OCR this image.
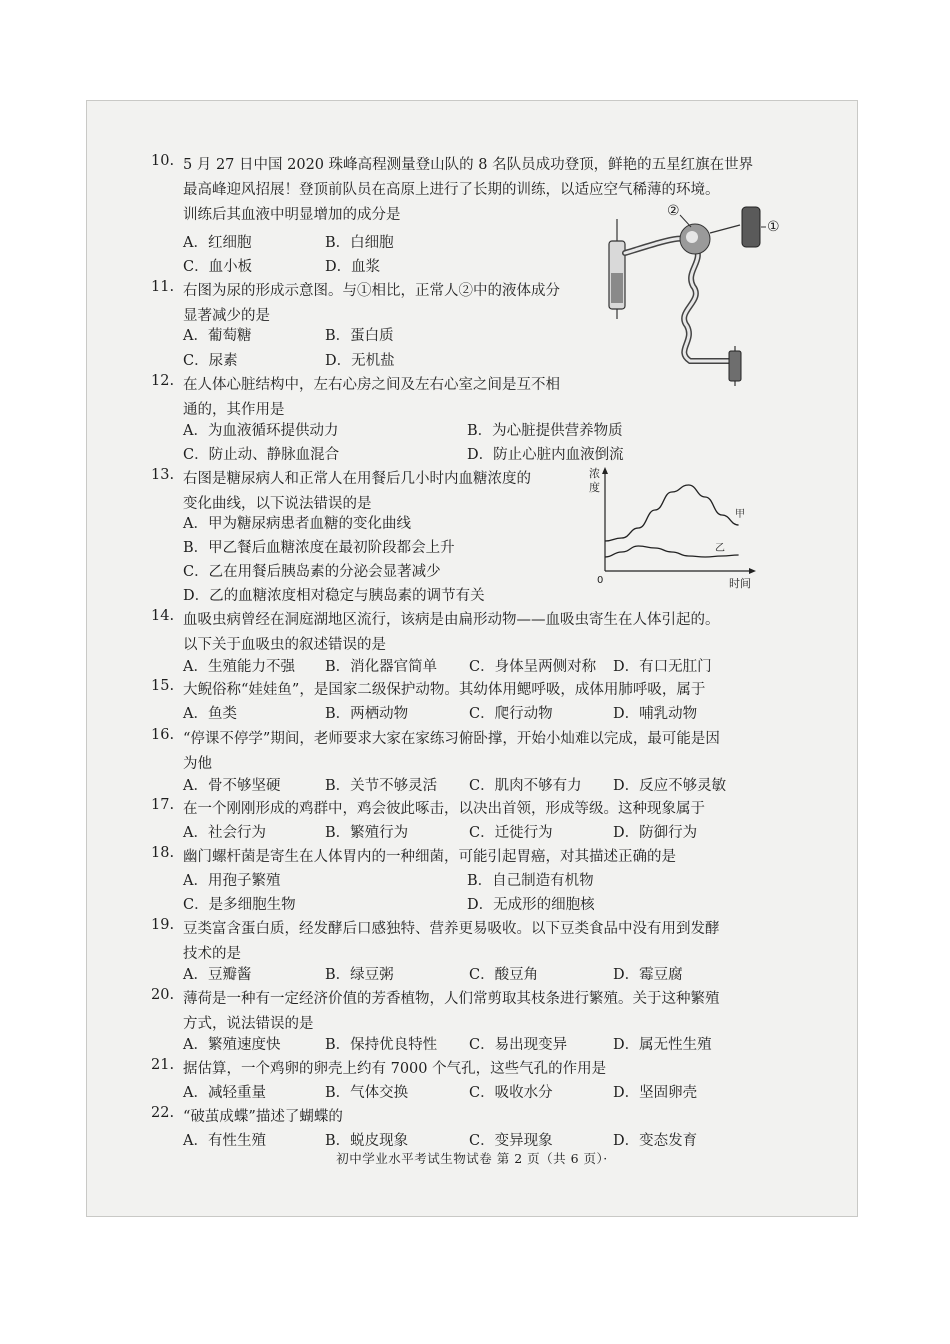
10. 5 月 27 日中国 2020 珠峰高程测量登山队的 8 名队员成功登顶，鲜艳的五星红旗在世界
最高峰迎风招展！登顶前队员在高原上进行了长期的训练，以适应空气稀薄的环境。
训练后其血液中明显增加的成分是
A．红细胞	B．白细胞
C．血小板	D．血浆
11. 右图为尿的形成示意图。与①相比，正常人②中的液体成分
显著减少的是
A．葡萄糖	B．蛋白质
C．尿素	D．无机盐
12. 在人体心脏结构中，左右心房之间及左右心室之间是互不相
通的，其作用是
A．为血液循环提供动力	B．为心脏提供营养物质
C．防止动、静脉血混合	D．防止心脏内血液倒流
13. 右图是糖尿病人和正常人在用餐后几小时内血糖浓度的
变化曲线，以下说法错误的是
A．甲为糖尿病患者血糖的变化曲线
B．甲乙餐后血糖浓度在最初阶段都会上升
C．乙在用餐后胰岛素的分泌会显著减少
D．乙的血糖浓度相对稳定与胰岛素的调节有关
14. 血吸虫病曾经在洞庭湖地区流行，该病是由扁形动物——血吸虫寄生在人体引起的。
以下关于血吸虫的叙述错误的是
A．生殖能力不强 B．消化器官简单 C．身体呈两侧对称 D．有口无肛门
15. 大鲵俗称“娃娃鱼”，是国家二级保护动物。其幼体用鳃呼吸，成体用肺呼吸，属于
A．鱼类	B．两栖动物	C．爬行动物	D．哺乳动物
16. “停课不停学”期间，老师要求大家在家练习俯卧撑，开始小灿难以完成，最可能是因
为他
A．骨不够坚硬	B．关节不够灵活 C．肌肉不够有力 D．反应不够灵敏
17. 在一个刚刚形成的鸡群中，鸡会彼此啄击，以决出首领，形成等级。这种现象属于
A．社会行为	B．繁殖行为	C．迁徙行为	D．防御行为
18. 幽门螺杆菌是寄生在人体胃内的一种细菌，可能引起胃癌，对其描述正确的是
A．用孢子繁殖	B．自己制造有机物
C．是多细胞生物	D．无成形的细胞核
19. 豆类富含蛋白质，经发酵后口感独特、营养更易吸收。以下豆类食品中没有用到发酵
技术的是
A．豆瓣酱	B．绿豆粥	C．酸豆角	D．霉豆腐
20. 薄荷是一种有一定经济价值的芳香植物，人们常剪取其枝条进行繁殖。关于这种繁殖
方式，说法错误的是
A．繁殖速度快	B．保持优良特性 C．易出现变异	D．属无性生殖
21. 据估算，一个鸡卵的卵壳上约有 7000 个气孔，这些气孔的作用是
A．减轻重量	B．气体交换	C．吸收水分	D．坚固卵壳
22. “破茧成蝶”描述了蝴蝶的
A．有性生殖	B．蜕皮现象	C．变异现象	D．变态发育
②
①
浓
度
0	时间
甲
乙
初中学业水平考试生物试卷 第 2 页（共 6 页）·
